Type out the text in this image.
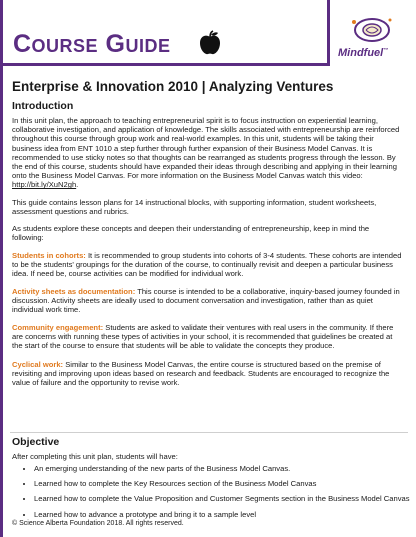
Course Guide	Mindfuel™
Enterprise & Innovation 2010 | Analyzing Ventures
Introduction

In this unit plan, the approach to teaching entrepreneurial spirit is to focus instruction on experiential learning, collaborative investigation, and application of knowledge. The skills associated with entrepreneurship are reinforced throughout this course through group work and real-world examples. In this unit, students will be taking their business idea from ENT 1010 a step further through further expansion of their Business Model Canvas. It is recommended to use sticky notes so that thoughts can be rearranged as students progress through the lesson. By the end of this course, students should have expanded their ideas through describing and applying in their learning onto the Business Model Canvas. For more information on the Business Model Canvas watch this video: http://bit.ly/XuN2gh.

This guide contains lesson plans for 14 instructional blocks, with supporting information, student worksheets, assessment questions and rubrics.

As students explore these concepts and deepen their understanding of entrepreneurship, keep in mind the following:

Students in cohorts: It is recommended to group students into cohorts of 3-4 students. These cohorts are intended to be the students' groupings for the duration of the course, to continually revisit and deepen a particular business idea. If need be, course activities can be modified for individual work.

Activity sheets as documentation: This course is intended to be a collaborative, inquiry-based journey founded in discussion. Activity sheets are ideally used to document conversation and investigation, rather than as quiet individual work time.

Community engagement: Students are asked to validate their ventures with real users in the community. If there are concerns with running these types of activities in your school, it is recommended that guidelines be created at the start of the course to ensure that students will be able to validate the concepts they produce.

Cyclical work: Similar to the Business Model Canvas, the entire course is structured based on the premise of revisiting and improving upon ideas based on research and feedback. Students are encouraged to recognize the value of failure and the opportunity to revise work.

Objective

After completing this unit plan, students will have:

• An emerging understanding of the new parts of the Business Model Canvas.
• Learned how to complete the Key Resources section of the Business Model Canvas
• Learned how to complete the Value Proposition and Customer Segments section in the Business Model Canvas
• Learned how to advance a prototype and bring it to a sample level
© Science Alberta Foundation 2018. All rights reserved.
